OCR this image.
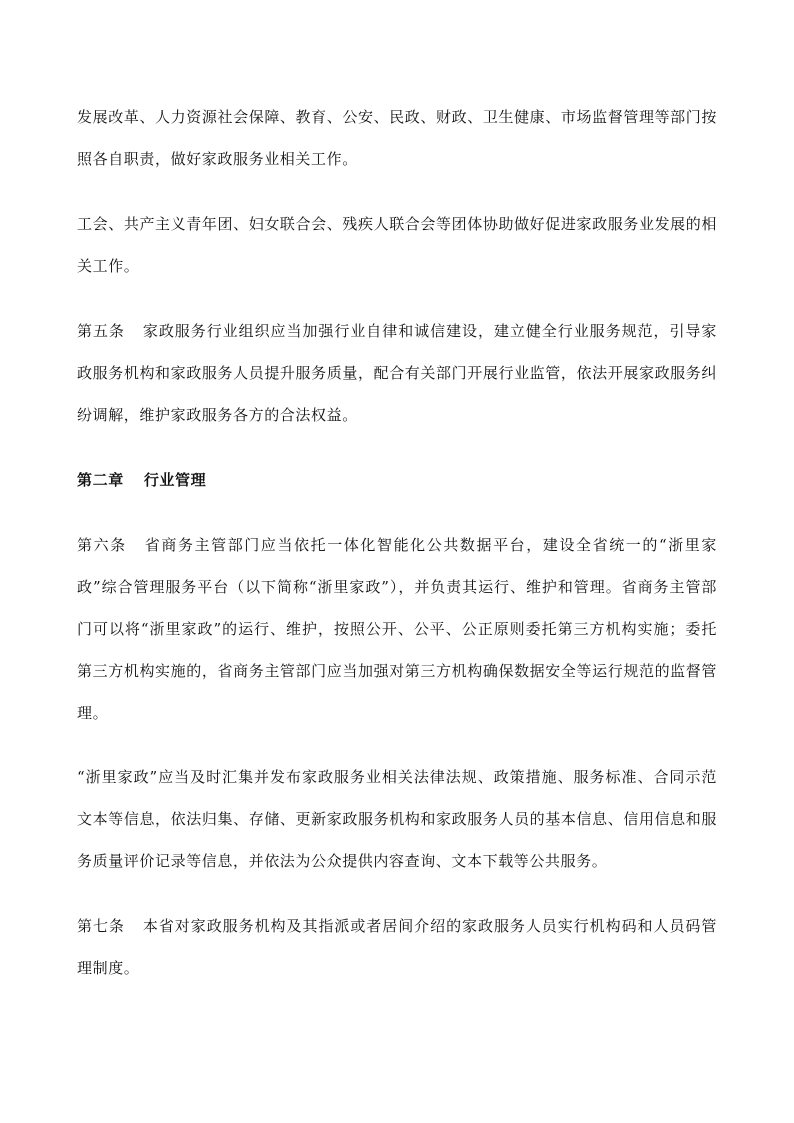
发展改革、人力资源社会保障、教育、公安、民政、财政、卫生健康、市场监督管理等部门按照各自职责，做好家政服务业相关工作。

工会、共产主义青年团、妇女联合会、残疾人联合会等团体协助做好促进家政服务业发展的相关工作。

第五条 家政服务行业组织应当加强行业自律和诚信建设，建立健全行业服务规范，引导家政服务机构和家政服务人员提升服务质量，配合有关部门开展行业监管，依法开展家政服务纠纷调解，维护家政服务各方的合法权益。

第二章 行业管理

第六条 省商务主管部门应当依托一体化智能化公共数据平台，建设全省统一的“浙里家政”综合管理服务平台（以下简称“浙里家政”），并负责其运行、维护和管理。省商务主管部门可以将“浙里家政”的运行、维护，按照公开、公平、公正原则委托第三方机构实施；委托第三方机构实施的，省商务主管部门应当加强对第三方机构确保数据安全等运行规范的监督管理。

“浙里家政”应当及时汇集并发布家政服务业相关法律法规、政策措施、服务标准、合同示范文本等信息，依法归集、存储、更新家政服务机构和家政服务人员的基本信息、信用信息和服务质量评价记录等信息，并依法为公众提供内容查询、文本下载等公共服务。

第七条 本省对家政服务机构及其指派或者居间介绍的家政服务人员实行机构码和人员码管理制度。
